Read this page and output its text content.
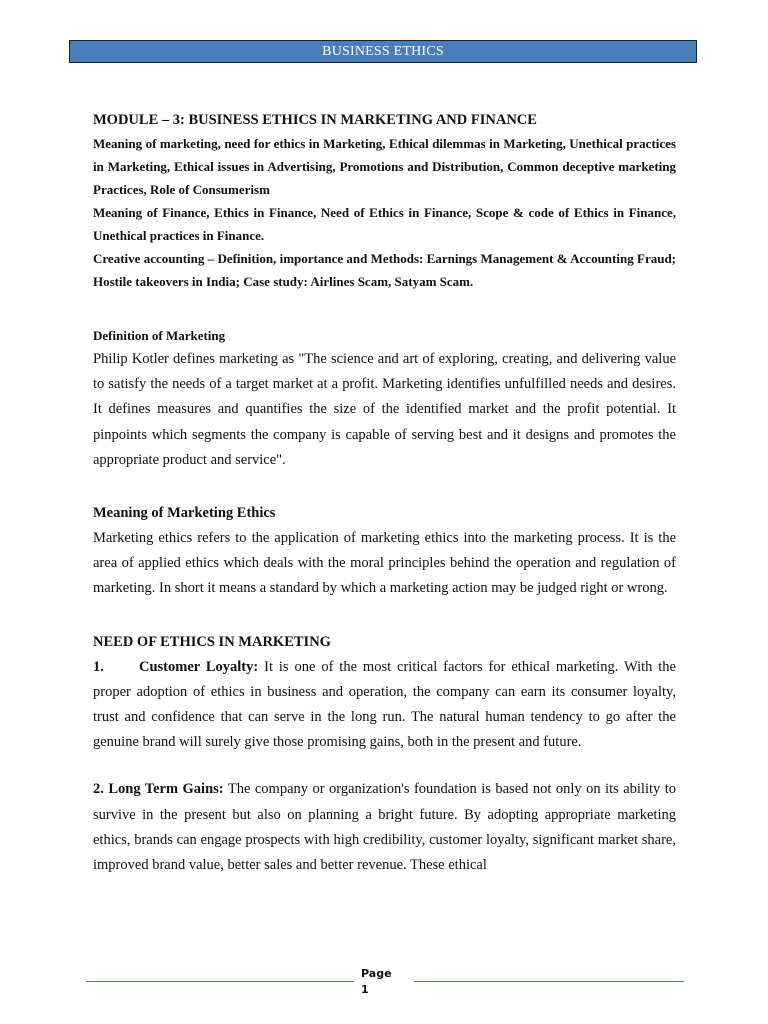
BUSINESS ETHICS

MODULE – 3: BUSINESS ETHICS IN MARKETING AND FINANCE

Meaning of marketing, need for ethics in Marketing, Ethical dilemmas in Marketing, Unethical practices in Marketing, Ethical issues in Advertising, Promotions and Distribution, Common deceptive marketing Practices, Role of Consumerism

Meaning of Finance, Ethics in Finance, Need of Ethics in Finance, Scope & code of Ethics in Finance, Unethical practices in Finance.

Creative accounting – Definition, importance and Methods: Earnings Management & Accounting Fraud; Hostile takeovers in India; Case study: Airlines Scam, Satyam Scam.

Definition of Marketing

Philip Kotler defines marketing as "The science and art of exploring, creating, and delivering value to satisfy the needs of a target market at a profit. Marketing identifies unfulfilled needs and desires. It defines measures and quantifies the size of the identified market and the profit potential. It pinpoints which segments the company is capable of serving best and it designs and promotes the appropriate product and service".

Meaning of Marketing Ethics

Marketing ethics refers to the application of marketing ethics into the marketing process. It is the area of applied ethics which deals with the moral principles behind the operation and regulation of marketing. In short it means a standard by which a marketing action may be judged right or wrong.

NEED OF ETHICS IN MARKETING

1. Customer Loyalty: It is one of the most critical factors for ethical marketing. With the proper adoption of ethics in business and operation, the company can earn its consumer loyalty, trust and confidence that can serve in the long run. The natural human tendency to go after the genuine brand will surely give those promising gains, both in the present and future.

2. Long Term Gains: The company or organization's foundation is based not only on its ability to survive in the present but also on planning a bright future. By adopting appropriate marketing ethics, brands can engage prospects with high credibility, customer loyalty, significant market share, improved brand value, better sales and better revenue. These ethical

Page
1
